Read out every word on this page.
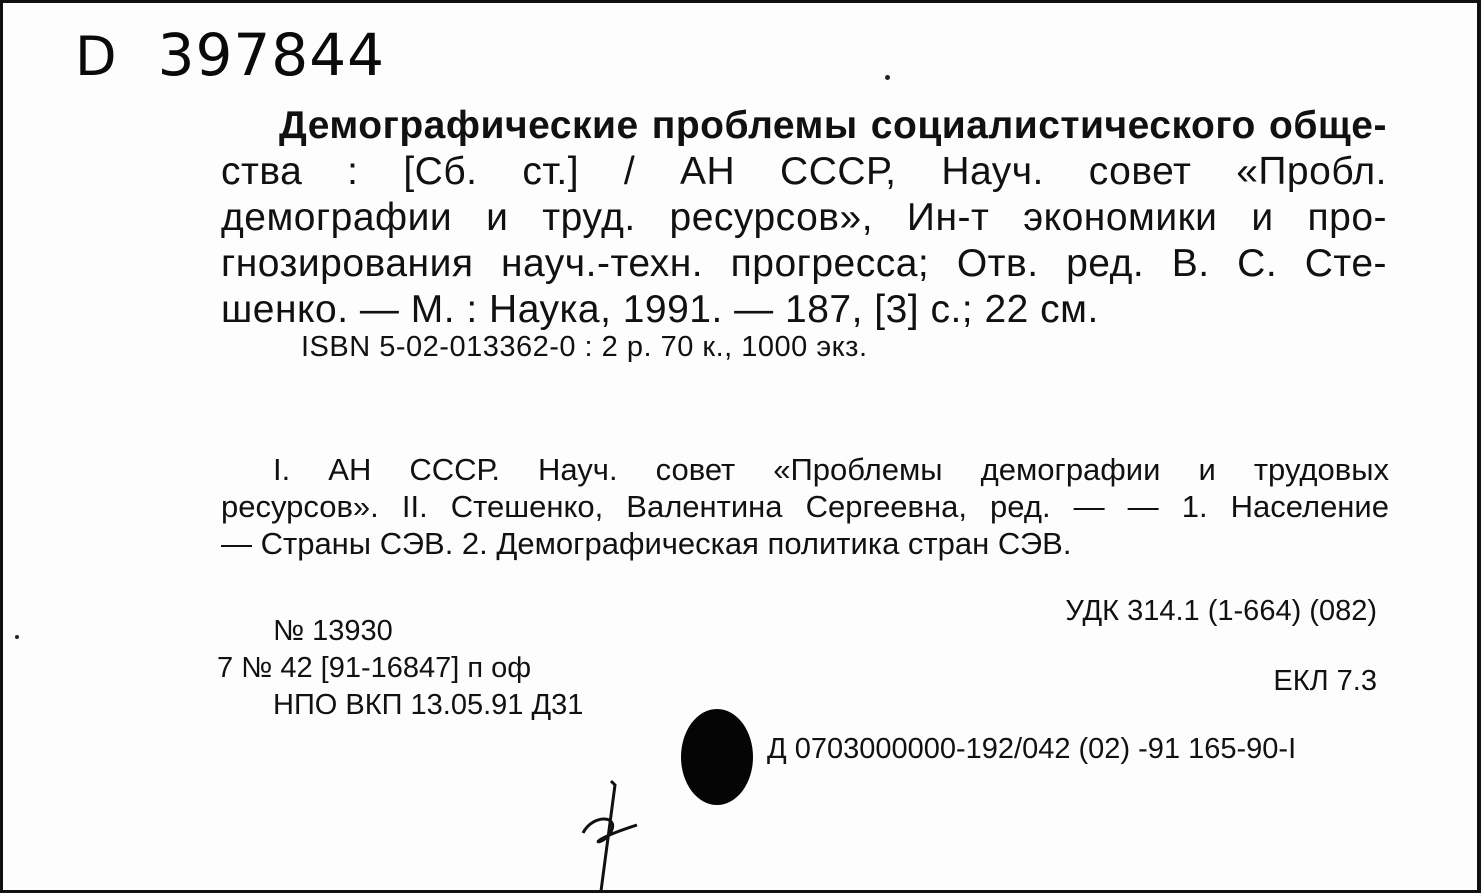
D 397844
Демографические проблемы социалистического обще-
ства : [Сб. ст.] / АН СССР, Науч. совет «Пробл.
демографии и труд. ресурсов», Ин-т экономики и про-
гнозирования науч.-техн. прогресса; Отв. ред. В. С. Сте-
шенко. — М. : Наука, 1991. — 187, [3] с.; 22 см.
ISBN 5-02-013362-0 : 2 р. 70 к., 1000 экз.
I. АН СССР. Науч. совет «Проблемы демографии и трудовых
ресурсов». II. Стешенко, Валентина Сергеевна, ред. — — 1. Население
— Страны СЭВ. 2. Демографическая политика стран СЭВ.
УДК 314.1 (1-664) (082)
ЕКЛ 7.3
№ 13930
7 № 42 [91-16847] п оф
НПО ВКП 13.05.91 Д31
Д 0703000000-192/042 (02) -91 165-90-I
